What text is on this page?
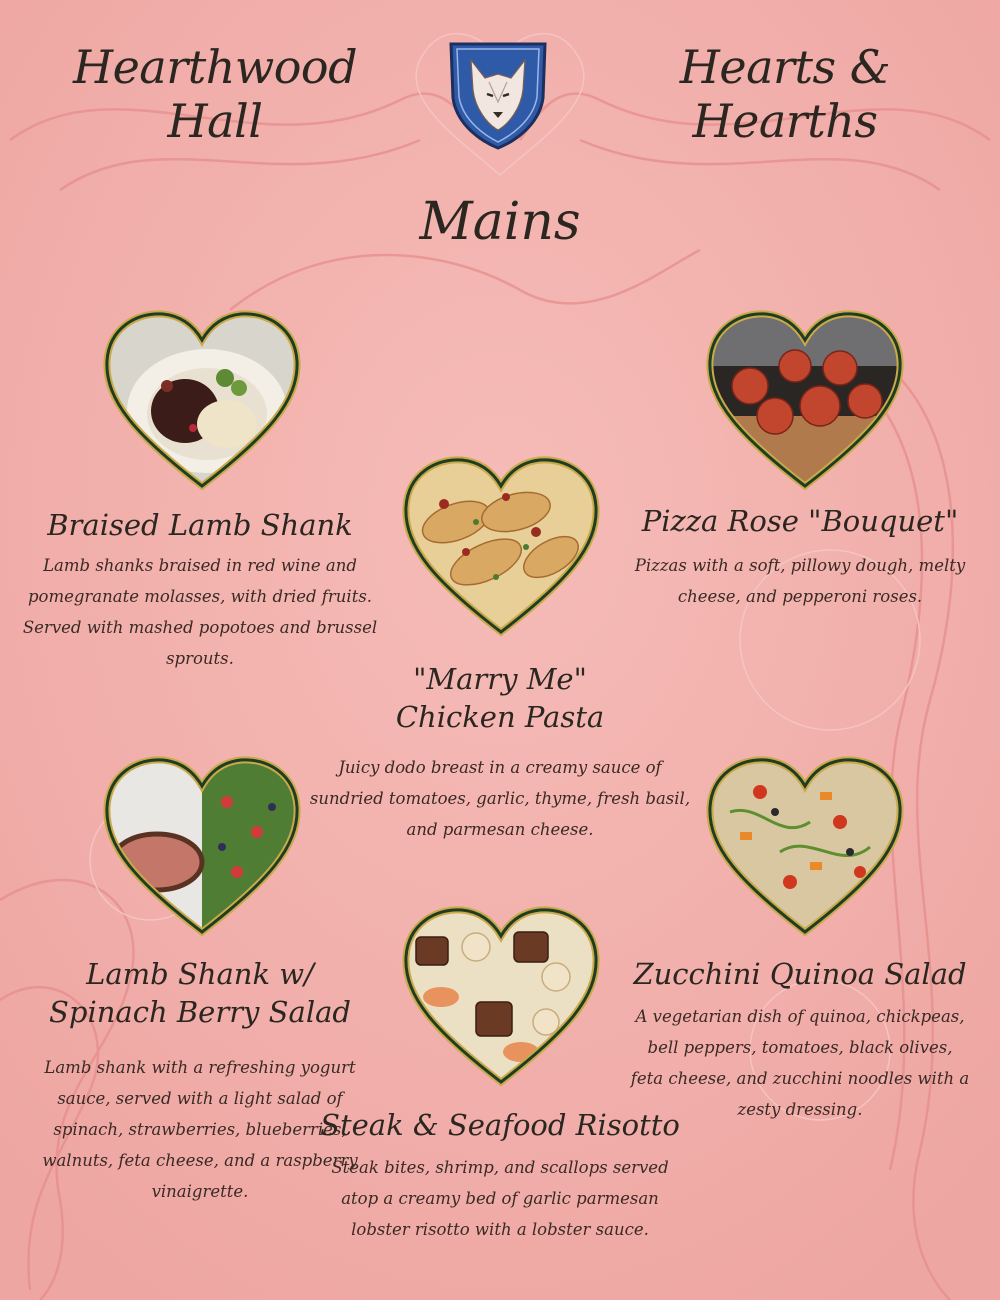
Hearthwood Hall
Hearts & Hearths
Mains
Braised Lamb Shank
Lamb shanks braised in red wine and
pomegranate molasses, with dried fruits.
Served with mashed popotoes and brussel
sprouts.
"Marry Me"
Chicken Pasta
Juicy dodo breast in a creamy sauce of
sundried tomatoes, garlic, thyme, fresh basil,
and parmesan cheese.
Pizza Rose "Bouquet"
Pizzas with a soft, pillowy dough, melty
cheese, and pepperoni roses.
Lamb Shank w/
Spinach Berry Salad
Lamb shank with a refreshing yogurt
sauce, served with a light salad of
spinach, strawberries, blueberries,
walnuts, feta cheese, and a raspberry
vinaigrette.
Steak & Seafood Risotto
Steak bites, shrimp, and scallops served
atop a creamy bed of garlic parmesan
lobster risotto with a lobster sauce.
Zucchini Quinoa Salad
A vegetarian dish of quinoa, chickpeas,
bell peppers, tomatoes, black olives,
feta cheese, and zucchini noodles with a
zesty dressing.
